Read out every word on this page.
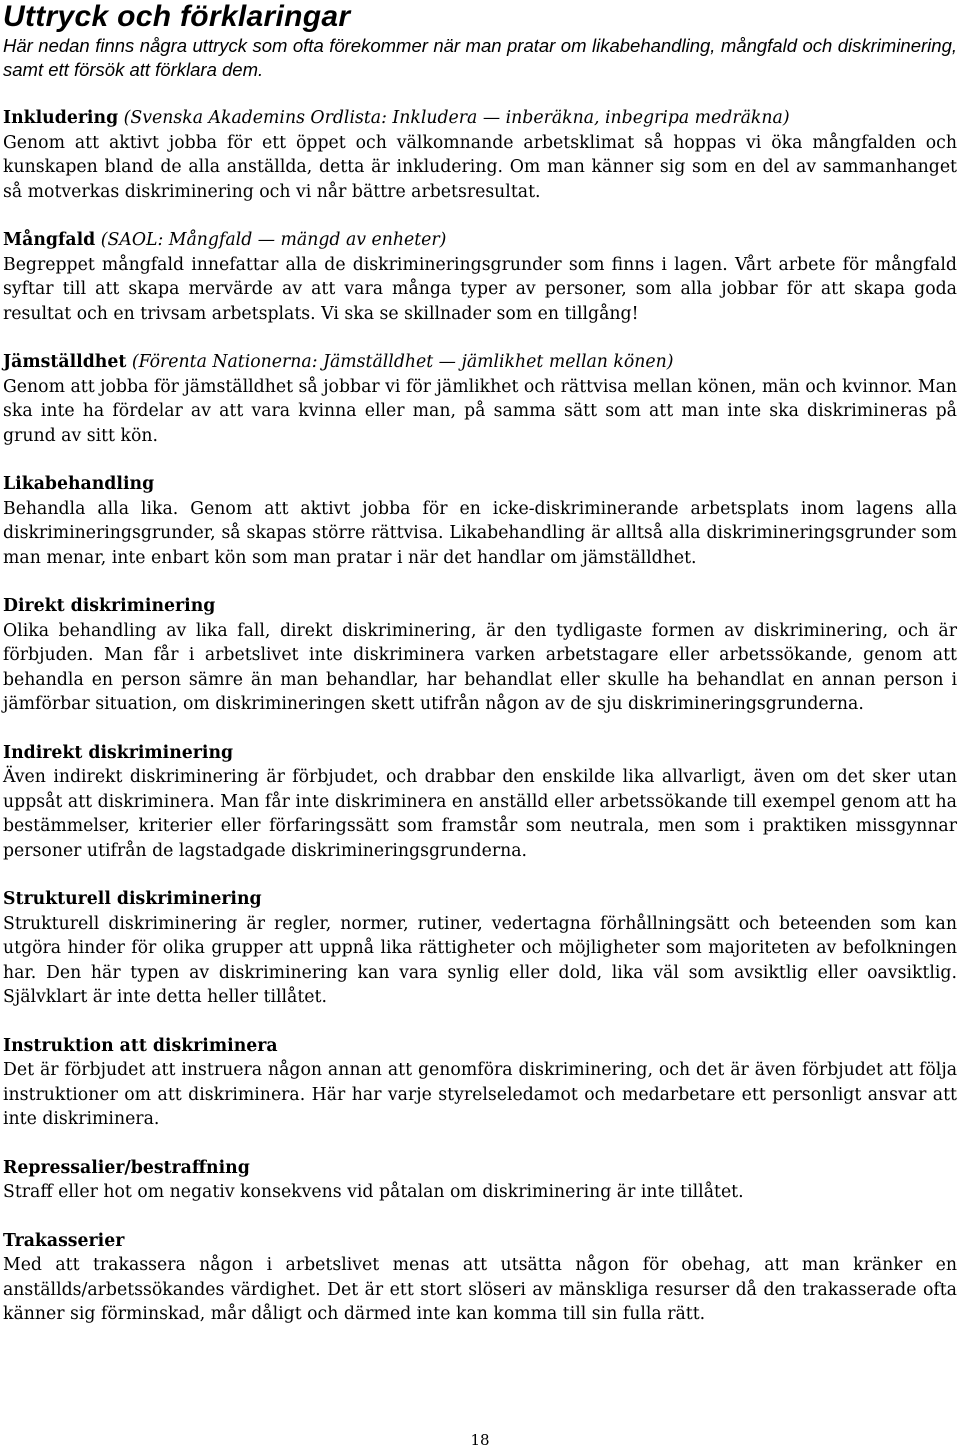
Uttryck och förklaringar

Här nedan finns några uttryck som ofta förekommer när man pratar om likabehandling, mångfald och diskriminering, samt ett försök att förklara dem.

Inkludering (Svenska Akademins Ordlista: Inkludera — inberäkna, inbegripa medräkna)

Genom att aktivt jobba för ett öppet och välkomnande arbetsklimat så hoppas vi öka mångfalden och kunskapen bland de alla anställda, detta är inkludering. Om man känner sig som en del av sammanhanget så motverkas diskriminering och vi når bättre arbetsresultat.

Mångfald (SAOL: Mångfald — mängd av enheter)

Begreppet mångfald innefattar alla de diskrimineringsgrunder som finns i lagen. Vårt arbete för mångfald syftar till att skapa mervärde av att vara många typer av personer, som alla jobbar för att skapa goda resultat och en trivsam arbetsplats. Vi ska se skillnader som en tillgång!

Jämställdhet (Förenta Nationerna: Jämställdhet — jämlikhet mellan könen)

Genom att jobba för jämställdhet så jobbar vi för jämlikhet och rättvisa mellan könen, män och kvinnor. Man ska inte ha fördelar av att vara kvinna eller man, på samma sätt som att man inte ska diskrimineras på grund av sitt kön.

Likabehandling

Behandla alla lika. Genom att aktivt jobba för en icke-diskriminerande arbetsplats inom lagens alla diskrimineringsgrunder, så skapas större rättvisa. Likabehandling är alltså alla diskrimineringsgrunder som man menar, inte enbart kön som man pratar i när det handlar om jämställdhet.

Direkt diskriminering

Olika behandling av lika fall, direkt diskriminering, är den tydligaste formen av diskriminering, och är förbjuden. Man får i arbetslivet inte diskriminera varken arbetstagare eller arbetssökande, genom att behandla en person sämre än man behandlar, har behandlat eller skulle ha behandlat en annan person i jämförbar situation, om diskrimineringen skett utifrån någon av de sju diskrimineringsgrunderna.

Indirekt diskriminering

Även indirekt diskriminering är förbjudet, och drabbar den enskilde lika allvarligt, även om det sker utan uppsåt att diskriminera. Man får inte diskriminera en anställd eller arbetssökande till exempel genom att ha bestämmelser, kriterier eller förfaringssätt som framstår som neutrala, men som i praktiken missgynnar personer utifrån de lagstadgade diskrimineringsgrunderna.

Strukturell diskriminering

Strukturell diskriminering är regler, normer, rutiner, vedertagna förhållningsätt och beteenden som kan utgöra hinder för olika grupper att uppnå lika rättigheter och möjligheter som majoriteten av befolkningen har. Den här typen av diskriminering kan vara synlig eller dold, lika väl som avsiktlig eller oavsiktlig. Självklart är inte detta heller tillåtet.

Instruktion att diskriminera

Det är förbjudet att instruera någon annan att genomföra diskriminering, och det är även förbjudet att följa instruktioner om att diskriminera. Här har varje styrelseledamot och medarbetare ett personligt ansvar att inte diskriminera.

Repressalier/bestraffning

Straff eller hot om negativ konsekvens vid påtalan om diskriminering är inte tillåtet.

Trakasserier

Med att trakassera någon i arbetslivet menas att utsätta någon för obehag, att man kränker en anställds/arbetssökandes värdighet. Det är ett stort slöseri av mänskliga resurser då den trakasserade ofta känner sig förminskad, mår dåligt och därmed inte kan komma till sin fulla rätt.

18
